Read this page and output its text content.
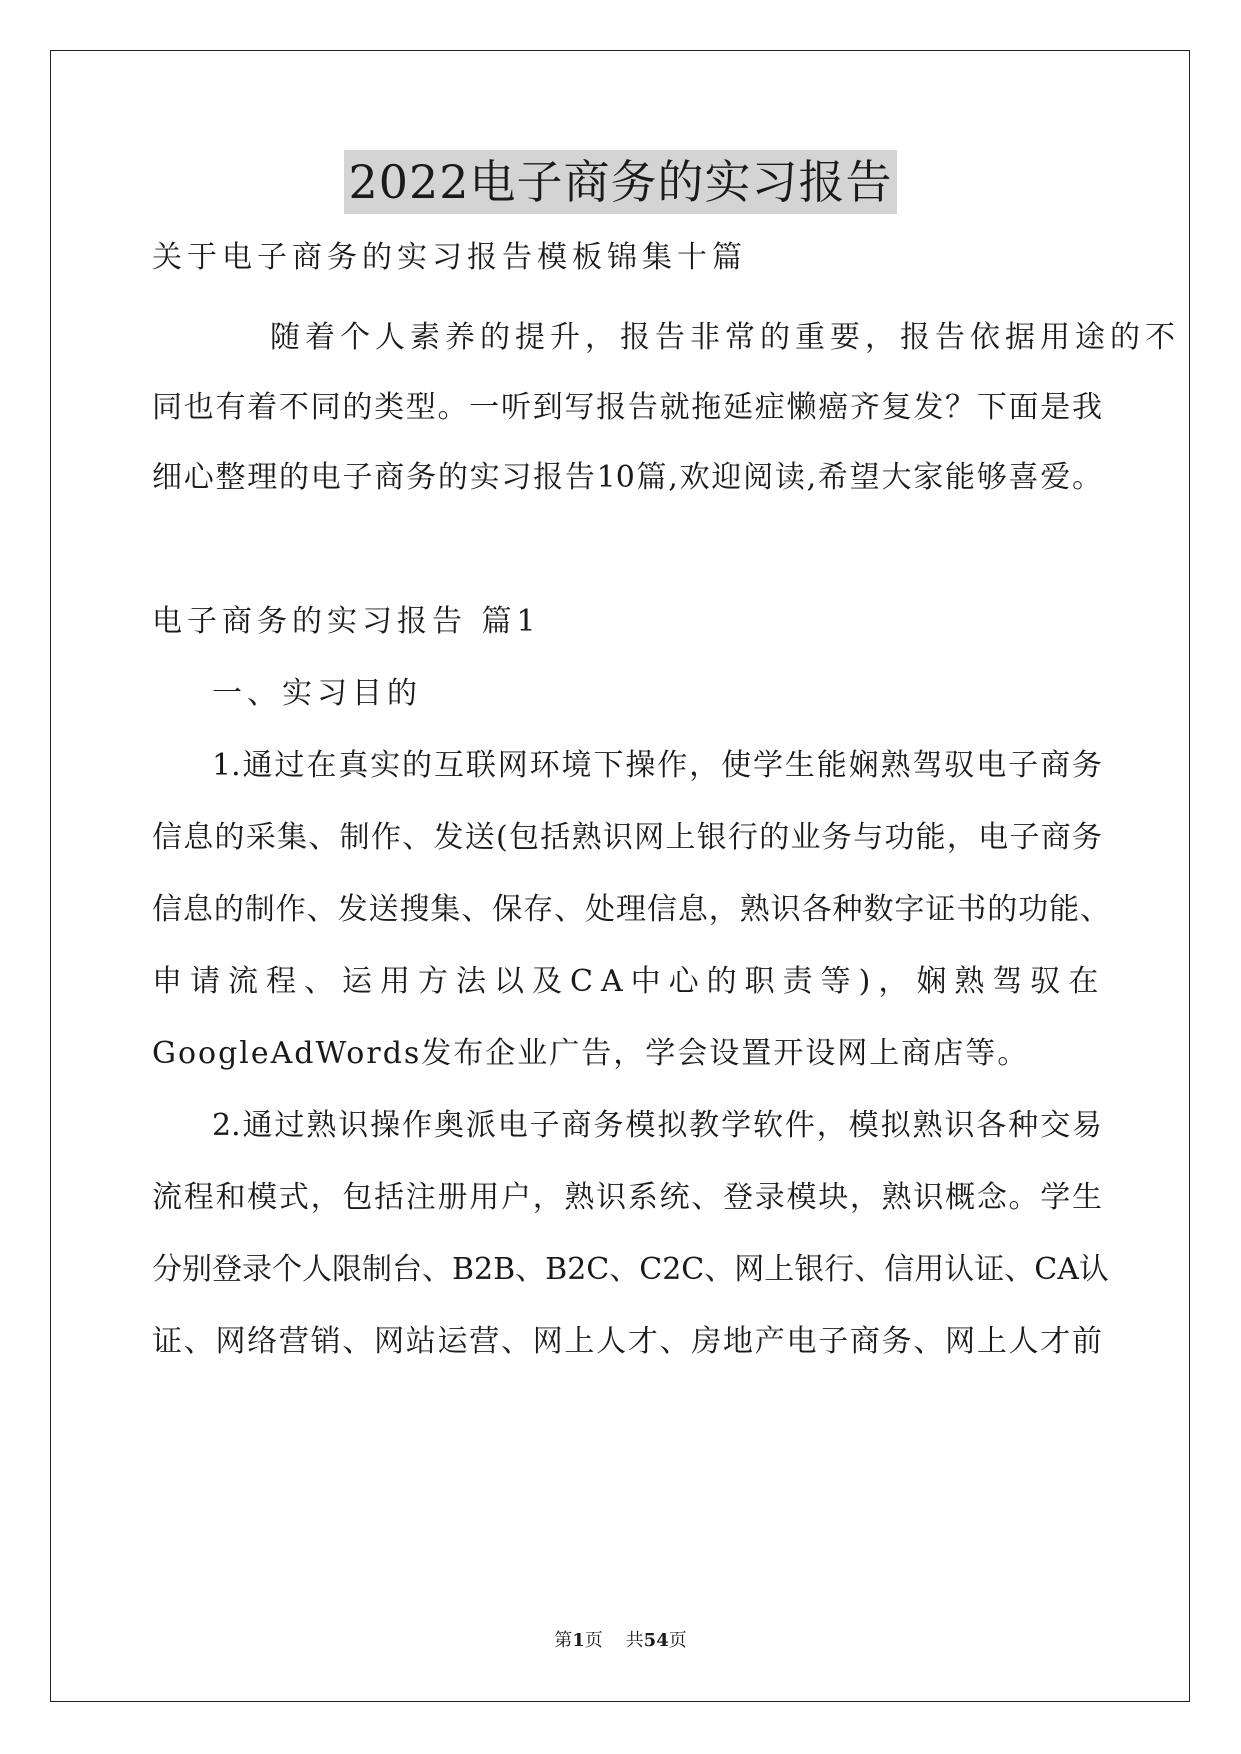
2022电子商务的实习报告
关于电子商务的实习报告模板锦集十篇
随着个人素养的提升，报告非常的重要，报告依据用途的不
同也有着不同的类型。一听到写报告就拖延症懒癌齐复发？下面是我
细心整理的电子商务的实习报告10篇,欢迎阅读,希望大家能够喜爱。
电子商务的实习报告 篇1
一、实习目的
1.通过在真实的互联网环境下操作，使学生能娴熟驾驭电子商务
信息的采集、制作、发送(包括熟识网上银行的业务与功能，电子商务
信息的制作、发送搜集、保存、处理信息，熟识各种数字证书的功能、
申请流程、运用方法以及CA中心的职责等)，娴熟驾驭在
GoogleAdWords发布企业广告，学会设置开设网上商店等。
2.通过熟识操作奥派电子商务模拟教学软件，模拟熟识各种交易
流程和模式，包括注册用户，熟识系统、登录模块，熟识概念。学生
分别登录个人限制台、B2B、B2C、C2C、网上银行、信用认证、CA认
证、网络营销、网站运营、网上人才、房地产电子商务、网上人才前
第1页 共54页
